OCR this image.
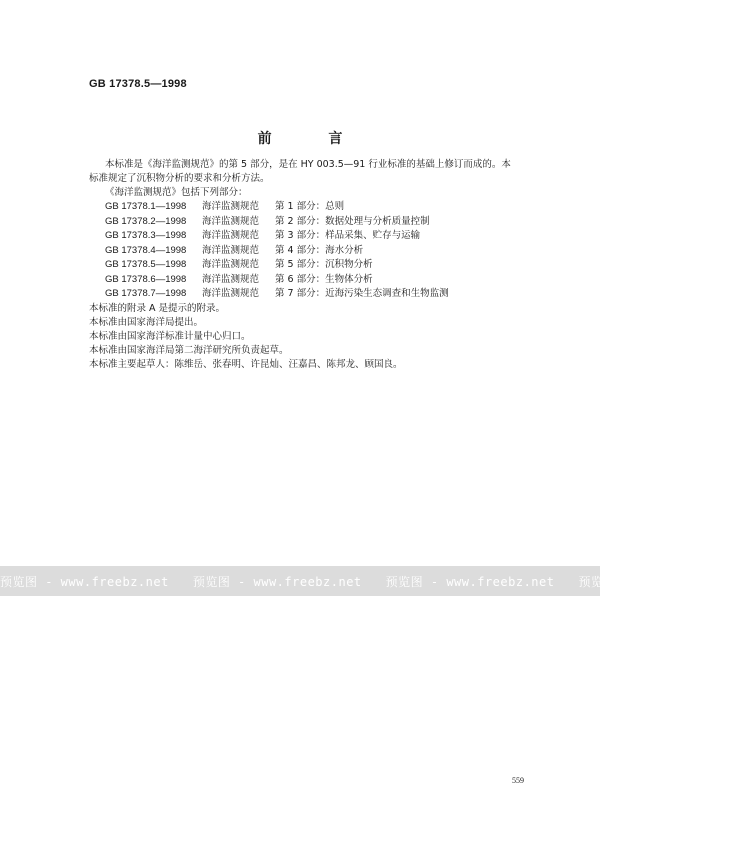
GB 17378.5—1998
前 言

本标准是《海洋监测规范》的第 5 部分，是在 HY 003.5—91 行业标准的基础上修订而成的。本标准规定了沉积物分析的要求和分析方法。

《海洋监测规范》包括下列部分：

GB 17378.1—1998	海洋监测规范	第 1 部分：总则
GB 17378.2—1998	海洋监测规范	第 2 部分：数据处理与分析质量控制
GB 17378.3—1998	海洋监测规范	第 3 部分：样品采集、贮存与运输
GB 17378.4—1998	海洋监测规范	第 4 部分：海水分析
GB 17378.5—1998	海洋监测规范	第 5 部分：沉积物分析
GB 17378.6—1998	海洋监测规范	第 6 部分：生物体分析
GB 17378.7—1998	海洋监测规范	第 7 部分：近海污染生态调查和生物监测

本标准的附录 A 是提示的附录。

本标准由国家海洋局提出。

本标准由国家海洋标准计量中心归口。

本标准由国家海洋局第二海洋研究所负责起草。

本标准主要起草人：陈维岳、张春明、许昆灿、汪嘉昌、陈邦龙、顾国良。

预览图 - www.freebz.net 预览图 - www.freebz.net 预览图 - www.freebz.net 预览图 - www.freebz.net
559
